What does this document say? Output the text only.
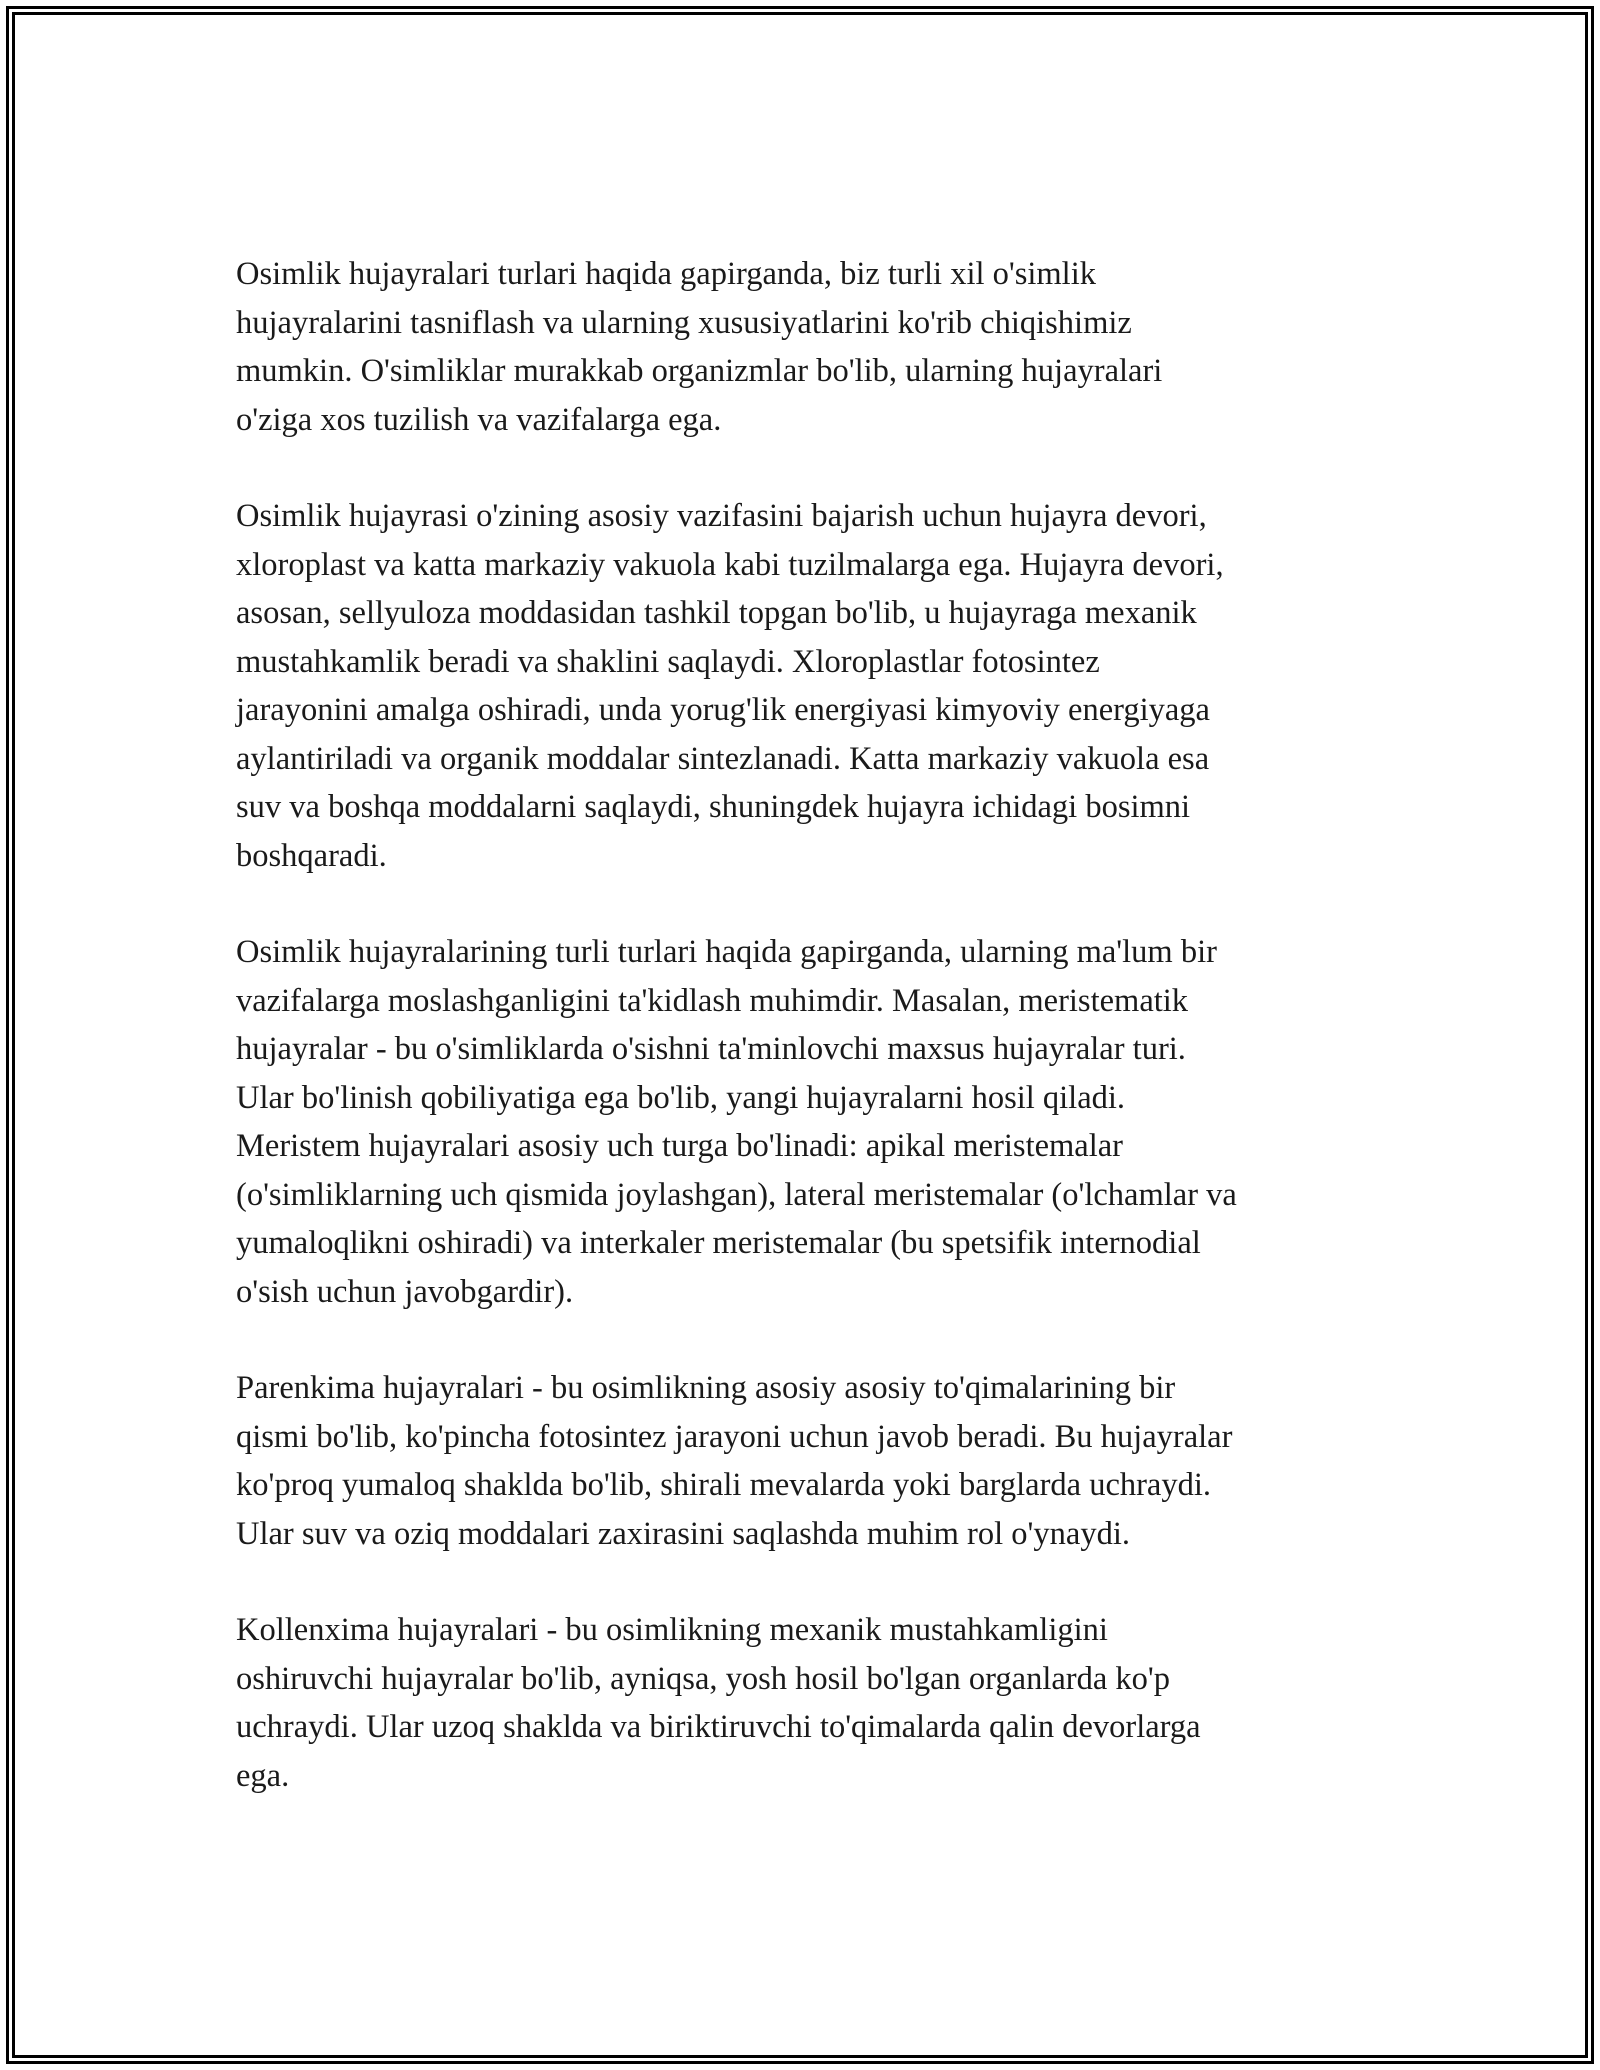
Osimlik hujayralari turlari haqida gapirganda, biz turli xil o'simlik
hujayralarini tasniflash va ularning xususiyatlarini ko'rib chiqishimiz
mumkin. O'simliklar murakkab organizmlar bo'lib, ularning hujayralari
o'ziga xos tuzilish va vazifalarga ega.

Osimlik hujayrasi o'zining asosiy vazifasini bajarish uchun hujayra devori,
xloroplast va katta markaziy vakuola kabi tuzilmalarga ega. Hujayra devori,
asosan, sellyuloza moddasidan tashkil topgan bo'lib, u hujayraga mexanik
mustahkamlik beradi va shaklini saqlaydi. Xloroplastlar fotosintez
jarayonini amalga oshiradi, unda yorug'lik energiyasi kimyoviy energiyaga
aylantiriladi va organik moddalar sintezlanadi. Katta markaziy vakuola esa
suv va boshqa moddalarni saqlaydi, shuningdek hujayra ichidagi bosimni
boshqaradi.

Osimlik hujayralarining turli turlari haqida gapirganda, ularning ma'lum bir
vazifalarga moslashganligini ta'kidlash muhimdir. Masalan, meristematik
hujayralar - bu o'simliklarda o'sishni ta'minlovchi maxsus hujayralar turi.
Ular bo'linish qobiliyatiga ega bo'lib, yangi hujayralarni hosil qiladi.
Meristem hujayralari asosiy uch turga bo'linadi: apikal meristemalar
(o'simliklarning uch qismida joylashgan), lateral meristemalar (o'lchamlar va
yumaloqlikni oshiradi) va interkaler meristemalar (bu spetsifik internodial
o'sish uchun javobgardir).

Parenkima hujayralari - bu osimlikning asosiy asosiy to'qimalarining bir
qismi bo'lib, ko'pincha fotosintez jarayoni uchun javob beradi. Bu hujayralar
ko'proq yumaloq shaklda bo'lib, shirali mevalarda yoki barglarda uchraydi.
Ular suv va oziq moddalari zaxirasini saqlashda muhim rol o'ynaydi.

Kollenxima hujayralari - bu osimlikning mexanik mustahkamligini
oshiruvchi hujayralar bo'lib, ayniqsa, yosh hosil bo'lgan organlarda ko'p
uchraydi. Ular uzoq shaklda va biriktiruvchi to'qimalarda qalin devorlarga
ega.
